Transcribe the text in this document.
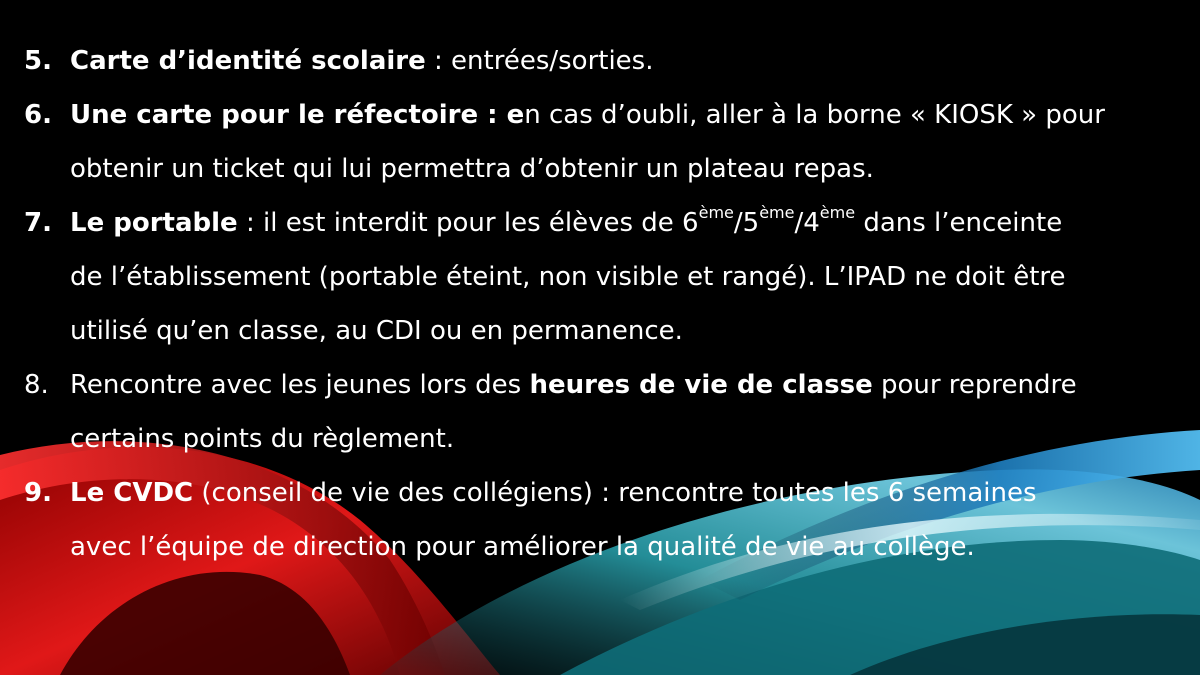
5. Carte d’identité scolaire : entrées/sorties.
6. Une carte pour le réfectoire : en cas d’oubli, aller à la borne « KIOSK » pour
obtenir un ticket qui lui permettra d’obtenir un plateau repas.
7. Le portable : il est interdit pour les élèves de 6ème/5ème/4ème dans l’enceinte
de l’établissement (portable éteint, non visible et rangé). L’IPAD ne doit être
utilisé qu’en classe, au CDI ou en permanence.
8. Rencontre avec les jeunes lors des heures de vie de classe pour reprendre
certains points du règlement.
9. Le CVDC (conseil de vie des collégiens) : rencontre toutes les 6 semaines
avec l’équipe de direction pour améliorer la qualité de vie au collège.
